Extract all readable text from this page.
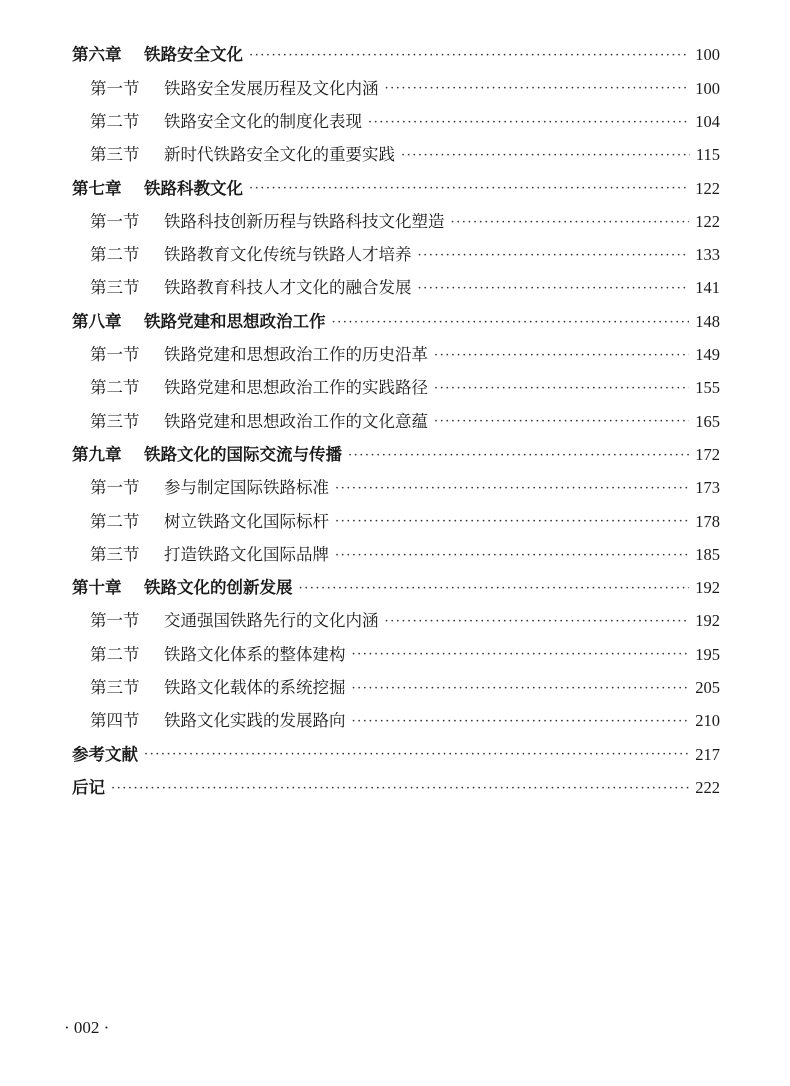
第六章	铁路安全文化 ·····	100
第一节	铁路安全发展历程及文化内涵 ·····	100
第二节	铁路安全文化的制度化表现 ·····	104
第三节	新时代铁路安全文化的重要实践 ·····	115
第七章	铁路科教文化 ·····	122
第一节	铁路科技创新历程与铁路科技文化塑造 ·····	122
第二节	铁路教育文化传统与铁路人才培养 ·····	133
第三节	铁路教育科技人才文化的融合发展 ·····	141
第八章	铁路党建和思想政治工作 ·····	148
第一节	铁路党建和思想政治工作的历史沿革 ·····	149
第二节	铁路党建和思想政治工作的实践路径 ·····	155
第三节	铁路党建和思想政治工作的文化意蕴 ·····	165
第九章	铁路文化的国际交流与传播 ·····	172
第一节	参与制定国际铁路标准 ·····	173
第二节	树立铁路文化国际标杆 ·····	178
第三节	打造铁路文化国际品牌 ·····	185
第十章	铁路文化的创新发展 ·····	192
第一节	交通强国铁路先行的文化内涵 ·····	192
第二节	铁路文化体系的整体建构 ·····	195
第三节	铁路文化载体的系统挖掘 ·····	205
第四节	铁路文化实践的发展路向 ·····	210
参考文献 ·····	217
后记 ·····	222
· 002 ·
